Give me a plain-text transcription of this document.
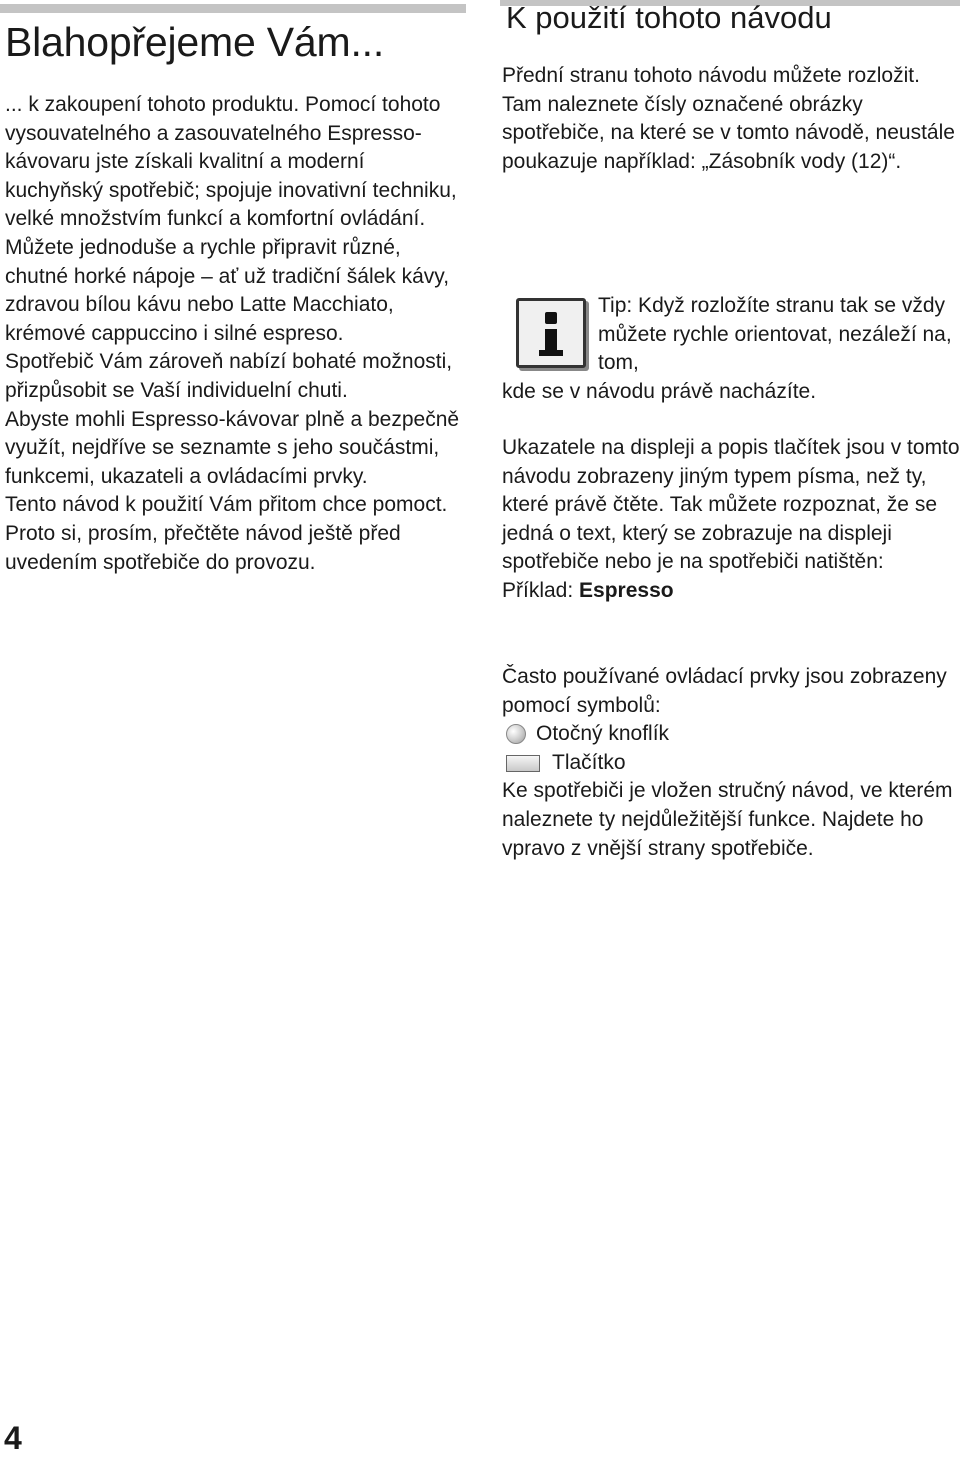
Blahopřejeme Vám...

... k zakoupení tohoto produktu. Pomocí tohoto vysouvatelného a zasouvatelného Espresso-kávovaru jste získali kvalitní a moderní kuchyňský spotřebič; spojuje inovativní techniku, velké množstvím funkcí a komfortní ovládání.

Můžete jednoduše a rychle připravit různé, chutné horké nápoje – ať už tradiční šálek kávy, zdravou bílou kávu nebo Latte Macchiato, krémové cappuccino i silné espreso.

Spotřebič Vám zároveň nabízí bohaté možnosti, přizpůsobit se Vaší individuelní chuti.

Abyste mohli Espresso-kávovar plně a bezpečně využít, nejdříve se seznamte s jeho součástmi, funkcemi, ukazateli a ovládacími prvky.

Tento návod k použití Vám přitom chce pomoct. Proto si, prosím, přečtěte návod ještě před uvedením spotřebiče do provozu.

K použití tohoto návodu

Přední stranu tohoto návodu můžete rozložit.

Tam naleznete čísly označené obrázky spotřebiče, na které se v tomto návodě, neustále poukazuje například: „Zásobník vody (12)“.

Tip: Když rozložíte stranu tak se vždy můžete rychle orientovat, nezáleží na, tom,
kde se v návodu právě nacházíte.

Ukazatele na displeji a popis tlačítek jsou v tomto návodu zobrazeny jiným typem písma, než ty, které právě čtěte. Tak můžete rozpoznat, že se jedná o text, který se zobrazuje na displeji spotřebiče nebo je na spotřebiči natištěn:

Příklad: Espresso

Často používané ovládací prvky jsou zobrazeny pomocí symbolů:

Otočný knoflík

Tlačítko

Ke spotřebiči je vložen stručný návod, ve kterém naleznete ty nejdůležitější funkce. Najdete ho vpravo z vnější strany spotřebiče.

4
